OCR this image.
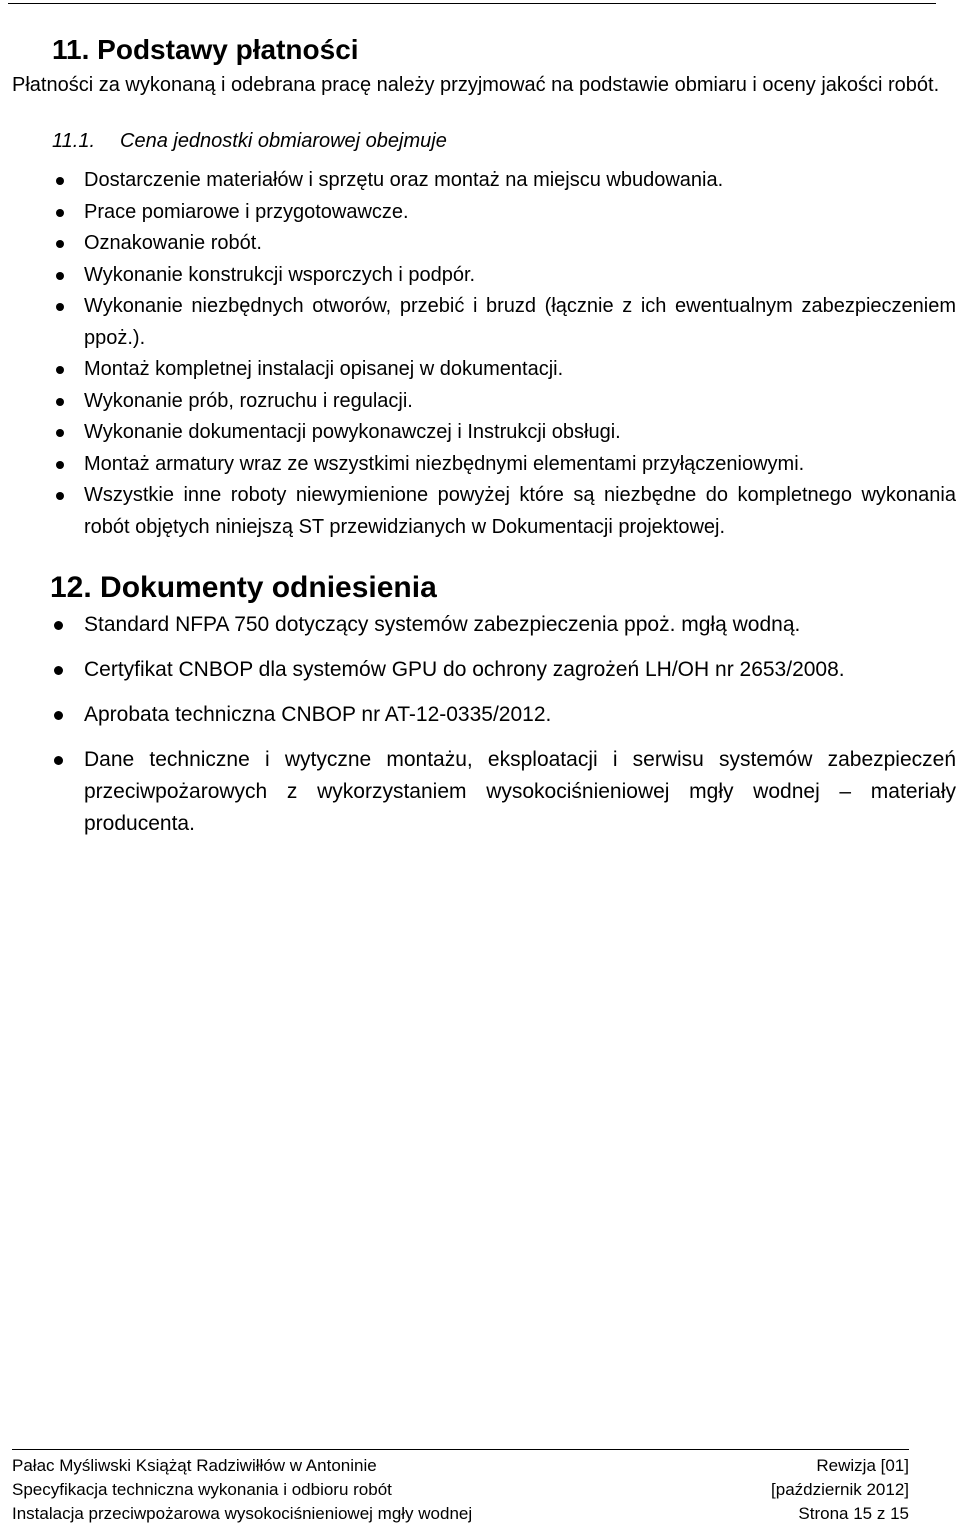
11. Podstawy płatności

Płatności za wykonaną i odebrana pracę należy przyjmować na podstawie obmiaru i oceny jakości robót.

11.1.	Cena jednostki obmiarowej obejmuje
Dostarczenie materiałów i sprzętu oraz montaż na miejscu wbudowania.
Prace pomiarowe i przygotowawcze.
Oznakowanie robót.
Wykonanie konstrukcji wsporczych i podpór.
Wykonanie niezbędnych otworów, przebić i bruzd (łącznie z ich ewentualnym zabezpieczeniem ppoż.).
Montaż kompletnej instalacji opisanej w dokumentacji.
Wykonanie prób, rozruchu i regulacji.
Wykonanie dokumentacji powykonawczej i Instrukcji obsługi.
Montaż armatury wraz ze wszystkimi niezbędnymi elementami przyłączeniowymi.
Wszystkie inne roboty niewymienione powyżej które są niezbędne do kompletnego wykonania robót objętych niniejszą ST przewidzianych w Dokumentacji projektowej.
12. Dokumenty odniesienia
Standard NFPA 750 dotyczący systemów zabezpieczenia ppoż. mgłą wodną.
Certyfikat CNBOP dla systemów GPU do ochrony zagrożeń LH/OH nr 2653/2008.
Aprobata techniczna CNBOP nr AT-12-0335/2012.
Dane techniczne i wytyczne montażu, eksploatacji i serwisu systemów zabezpieczeń przeciwpożarowych z wykorzystaniem wysokociśnieniowej mgły wodnej – materiały producenta.
Pałac Myśliwski Książąt Radziwiłłów w Antoninie	Rewizja [01]
Specyfikacja techniczna wykonania i odbioru robót	[październik 2012]
Instalacja przeciwpożarowa wysokociśnieniowej mgły wodnej	Strona 15 z 15
